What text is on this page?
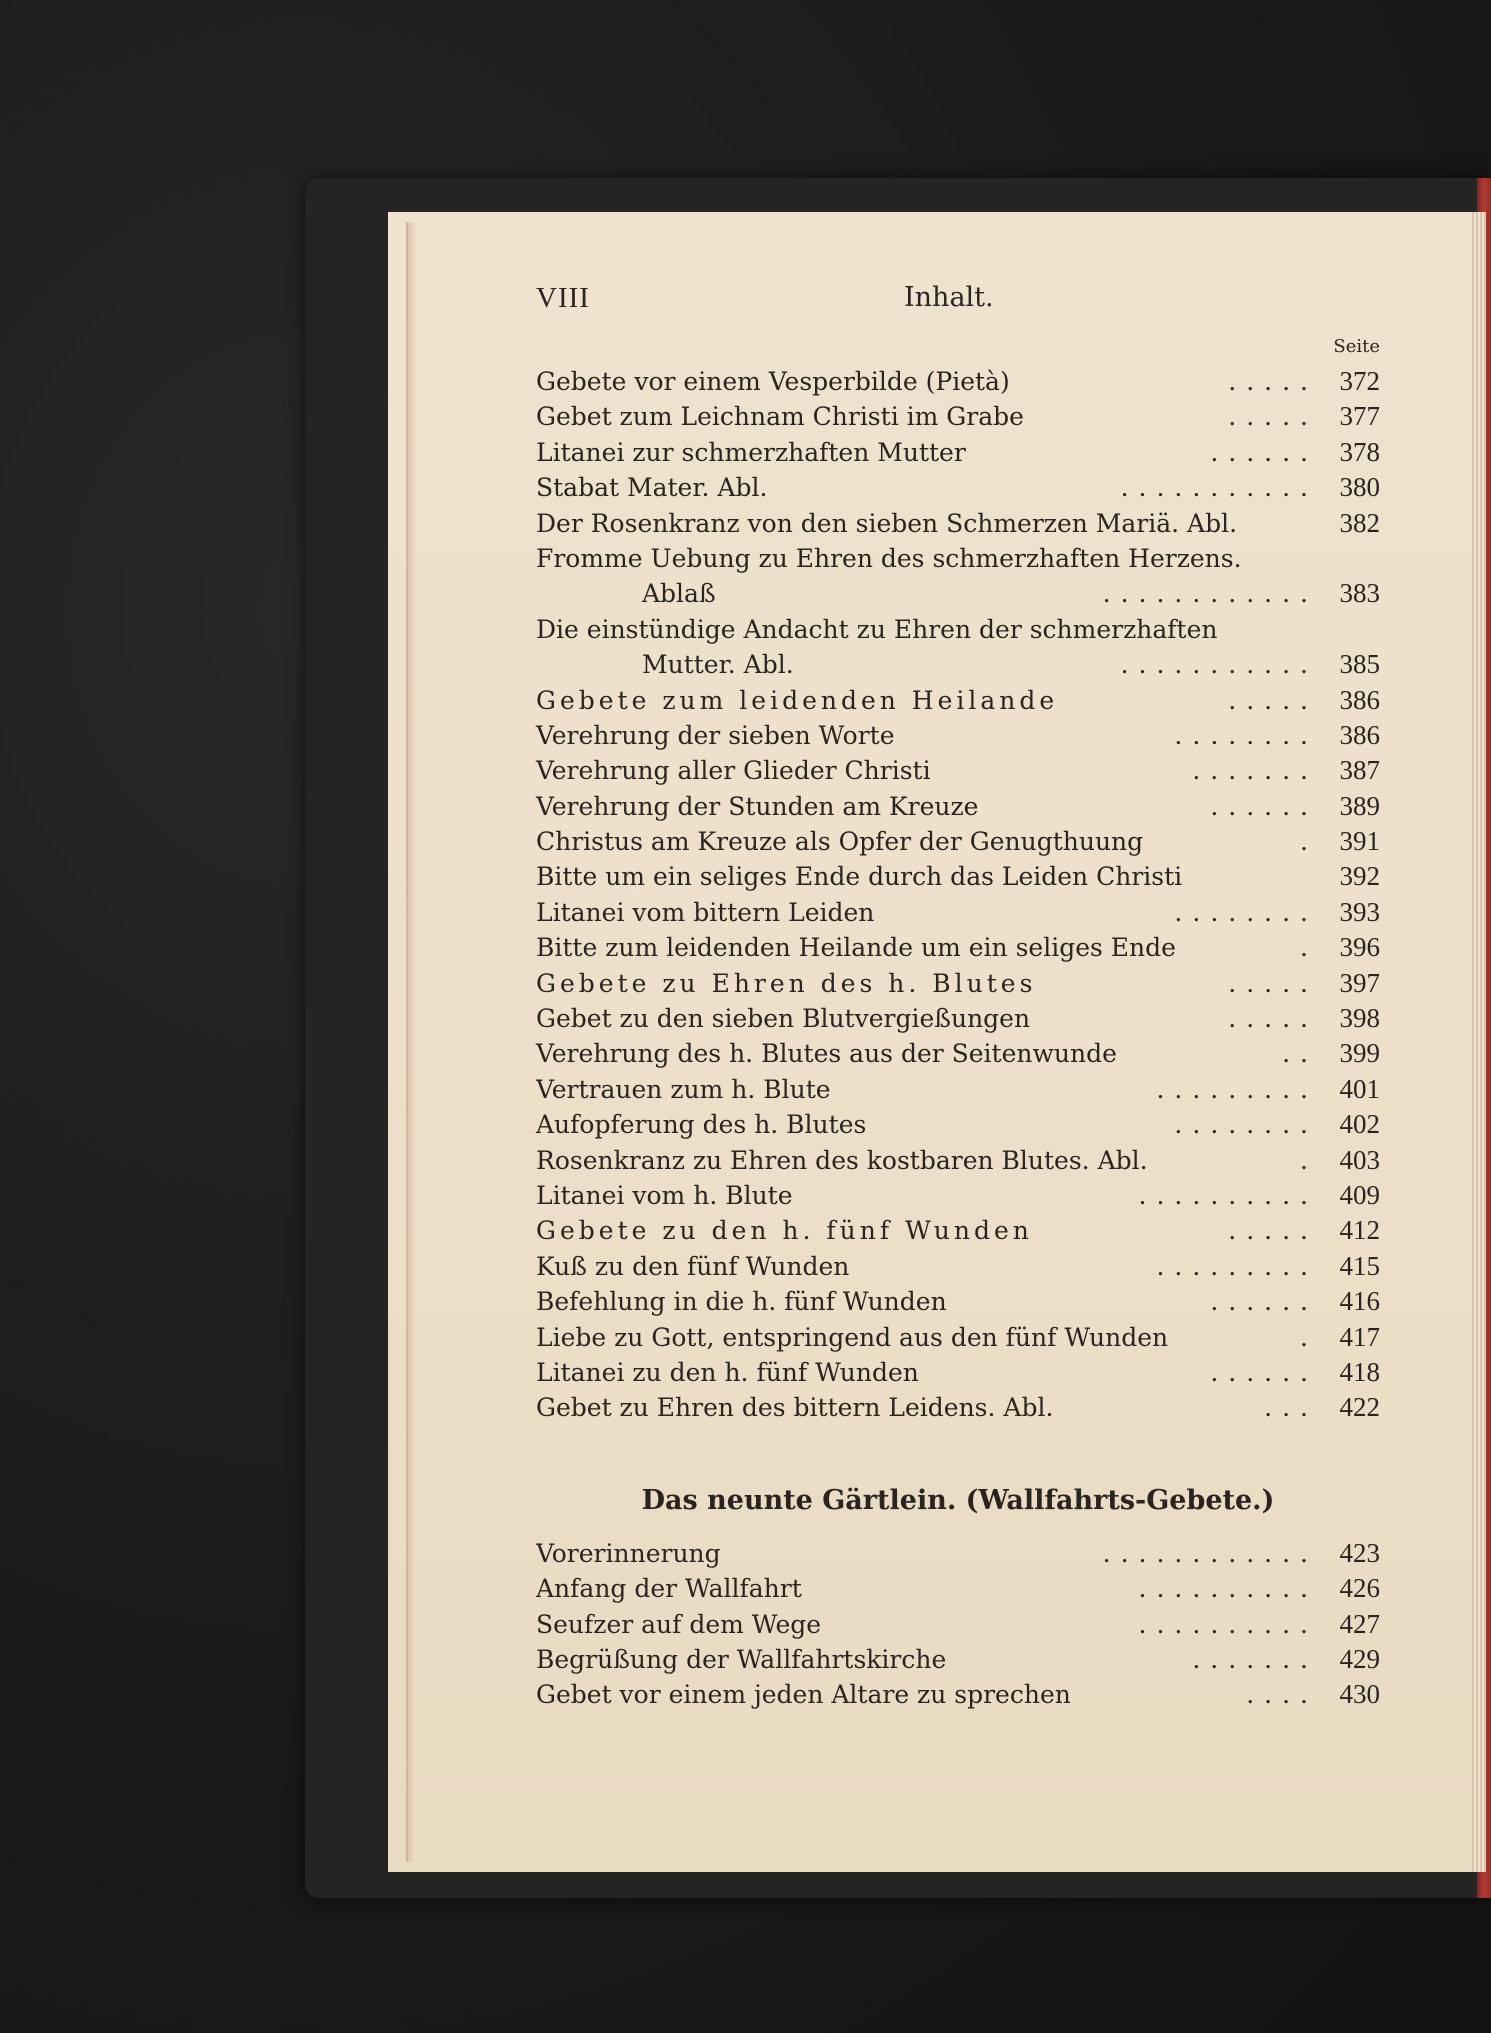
VIII	Inhalt.
Seite
Gebete vor einem Vesperbilde (Pietà)	..... 372
Gebet zum Leichnam Christi im Grabe	..... 377
Litanei zur schmerzhaften Mutter	...... 378
Stabat Mater. Abl.	........... 380
Der Rosenkranz von den sieben Schmerzen Mariä. Abl.	382
Fromme Uebung zu Ehren des schmerzhaften Herzens.
Ablaß	............ 383
Die einstündige Andacht zu Ehren der schmerzhaften
Mutter. Abl.	........... 385
Gebete zum leidenden Heilande	..... 386
Verehrung der sieben Worte	........ 386
Verehrung aller Glieder Christi	....... 387
Verehrung der Stunden am Kreuze	...... 389
Christus am Kreuze als Opfer der Genugthuung	. 391
Bitte um ein seliges Ende durch das Leiden Christi	392
Litanei vom bittern Leiden	........ 393
Bitte zum leidenden Heilande um ein seliges Ende	. 396
Gebete zu Ehren des h. Blutes	..... 397
Gebet zu den sieben Blutvergießungen	..... 398
Verehrung des h. Blutes aus der Seitenwunde	.. 399
Vertrauen zum h. Blute	......... 401
Aufopferung des h. Blutes	........ 402
Rosenkranz zu Ehren des kostbaren Blutes. Abl.	. 403
Litanei vom h. Blute	.......... 409
Gebete zu den h. fünf Wunden	..... 412
Kuß zu den fünf Wunden	......... 415
Befehlung in die h. fünf Wunden	...... 416
Liebe zu Gott, entspringend aus den fünf Wunden	. 417
Litanei zu den h. fünf Wunden	...... 418
Gebet zu Ehren des bittern Leidens. Abl.	... 422
Das neunte Gärtlein. (Wallfahrts-Gebete.)
Vorerinnerung	............ 423
Anfang der Wallfahrt	.......... 426
Seufzer auf dem Wege	.......... 427
Begrüßung der Wallfahrtskirche	....... 429
Gebet vor einem jeden Altare zu sprechen	.... 430
